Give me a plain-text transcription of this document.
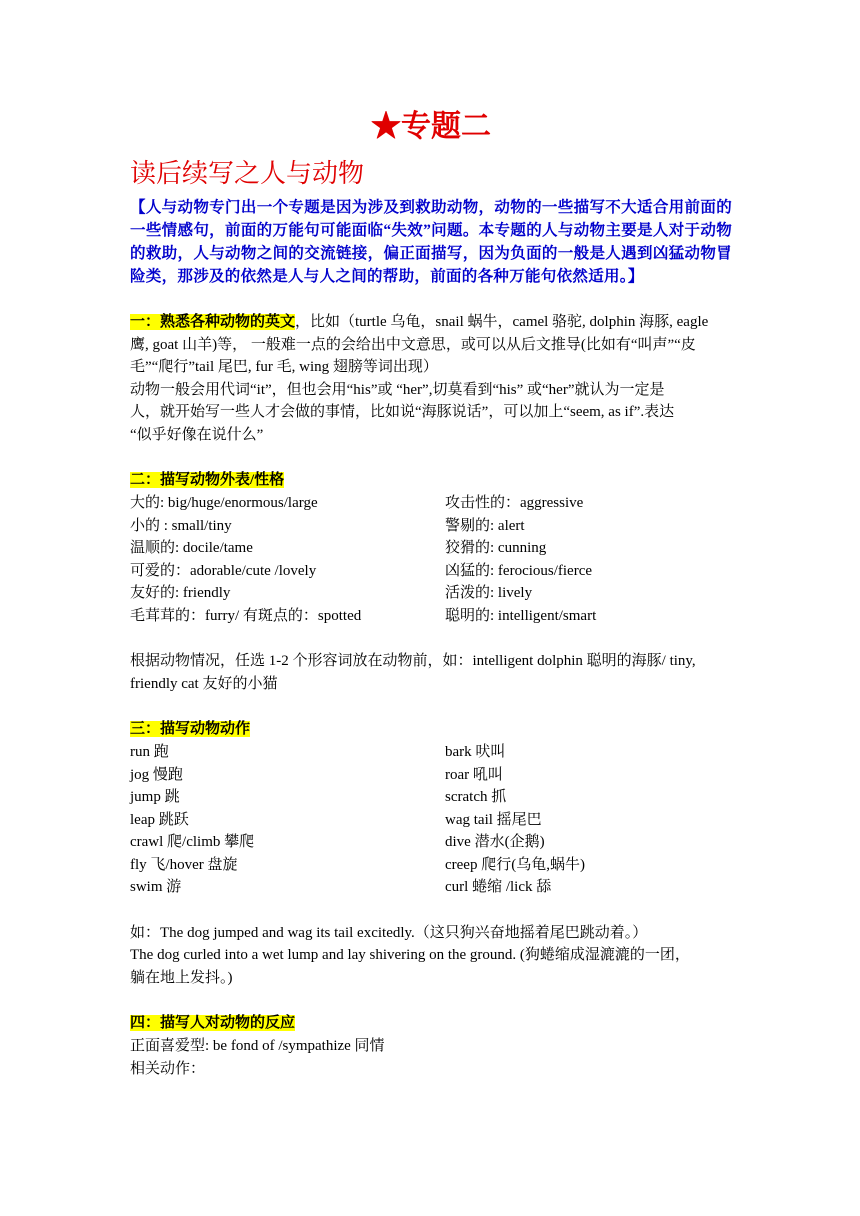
★专题二
读后续写之人与动物
【人与动物专门出一个专题是因为涉及到救助动物，动物的一些描写不大适合用前面的一些情感句，前面的万能句可能面临“失效”问题。本专题的人与动物主要是人对于动物的救助，人与动物之间的交流链接，偏正面描写，因为负面的一般是人遇到凶猛动物冒险类，那涉及的依然是人与人之间的帮助，前面的各种万能句依然适用。】
一：熟悉各种动物的英文，比如（turtle 乌龟，snail 蜗牛，camel 骆驼, dolphin 海豚, eagle
鹰, goat 山羊)等， 一般难一点的会给出中文意思，或可以从后文推导(比如有“叫声”“皮
毛”“爬行”tail 尾巴, fur 毛, wing 翅膀等词出现）
动物一般会用代词“it”，但也会用“his”或 “her”,切莫看到“his” 或“her”就认为一定是
人，就开始写一些人才会做的事情，比如说“海豚说话”，可以加上“seem, as if”.表达
“似乎好像在说什么”
二：描写动物外表/性格
大的: big/huge/enormous/large	攻击性的：aggressive
小的 : small/tiny	警剔的: alert
温顺的: docile/tame	狡猾的: cunning
可爱的：adorable/cute /lovely	凶猛的: ferocious/fierce
友好的: friendly	活泼的: lively
毛茸茸的：furry/ 有斑点的：spotted	聪明的: intelligent/smart
根据动物情况，任选 1-2 个形容词放在动物前，如：intelligent dolphin 聪明的海豚/ tiny,
friendly cat 友好的小猫
三：描写动物动作
run 跑	bark 吠叫
jog 慢跑	roar 吼叫
jump 跳	scratch 抓
leap 跳跃	wag tail 摇尾巴
crawl 爬/climb 攀爬	dive 潜水(企鹅)
fly 飞/hover 盘旋	creep 爬行(乌龟,蜗牛)
swim 游	curl 蜷缩 /lick 舔
如：The dog jumped and wag its tail excitedly.（这只狗兴奋地摇着尾巴跳动着。）
The dog curled into a wet lump and lay shivering on the ground. (狗蜷缩成湿漉漉的一团，
躺在地上发抖。)
四：描写人对动物的反应
正面喜爱型: be fond of /sympathize 同情
相关动作：
